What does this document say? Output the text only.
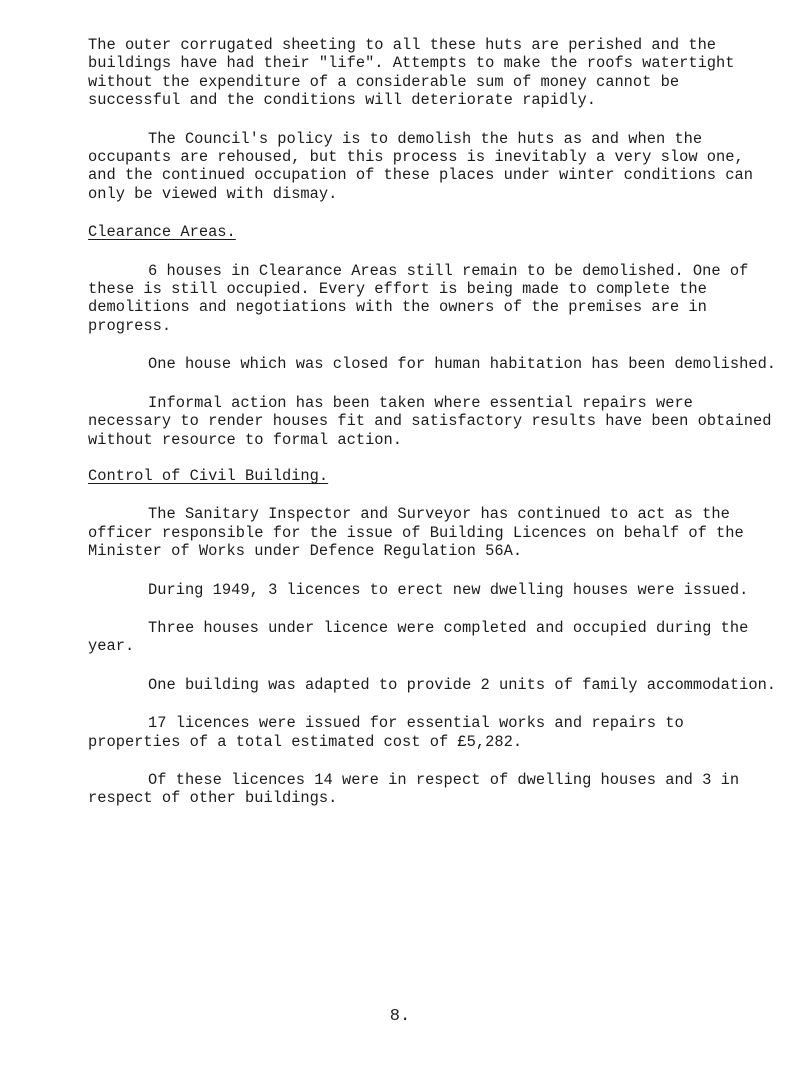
The outer corrugated sheeting to all these huts are perished and the buildings have had their "life". Attempts to make the roofs watertight without the expenditure of a considerable sum of money cannot be successful and the conditions will deteriorate rapidly.

The Council's policy is to demolish the huts as and when the occupants are rehoused, but this process is inevitably a very slow one, and the continued occupation of these places under winter conditions can only be viewed with dismay.

Clearance Areas.

6 houses in Clearance Areas still remain to be demolished. One of these is still occupied. Every effort is being made to complete the demolitions and negotiations with the owners of the premises are in progress.

One house which was closed for human habitation has been demolished.

Informal action has been taken where essential repairs were necessary to render houses fit and satisfactory results have been obtained without resource to formal action.

Control of Civil Building.

The Sanitary Inspector and Surveyor has continued to act as the officer responsible for the issue of Building Licences on behalf of the Minister of Works under Defence Regulation 56A.

During 1949, 3 licences to erect new dwelling houses were issued.

Three houses under licence were completed and occupied during the year.

One building was adapted to provide 2 units of family accommodation.

17 licences were issued for essential works and repairs to properties of a total estimated cost of £5,282.

Of these licences 14 were in respect of dwelling houses and 3 in respect of other buildings.

8.
